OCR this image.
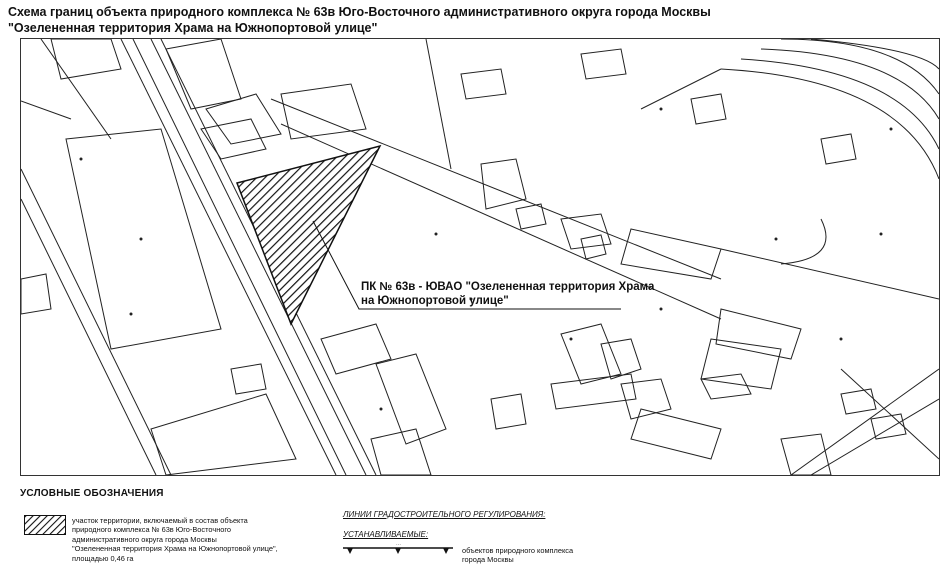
Схема границ объекта природного комплекса № 63в Юго-Восточного административного округа города Москвы
"Озелененная территория Храма на Южнопортовой улице"
ПК № 63в - ЮВАО "Озелененная территория Храма
на Южнопортовой улице"
УСЛОВНЫЕ ОБОЗНАЧЕНИЯ
участок территории, включаемый в состав объекта
природного комплекса № 63в Юго-Восточного
административного округа города Москвы
"Озелененная территория Храма на Южнопортовой улице",
площадью 0,46 га
ЛИНИИ ГРАДОСТРОИТЕЛЬНОГО РЕГУЛИРОВАНИЯ:
УСТАНАВЛИВАЕМЫЕ:
⋯
объектов природного комплекса
города Москвы
